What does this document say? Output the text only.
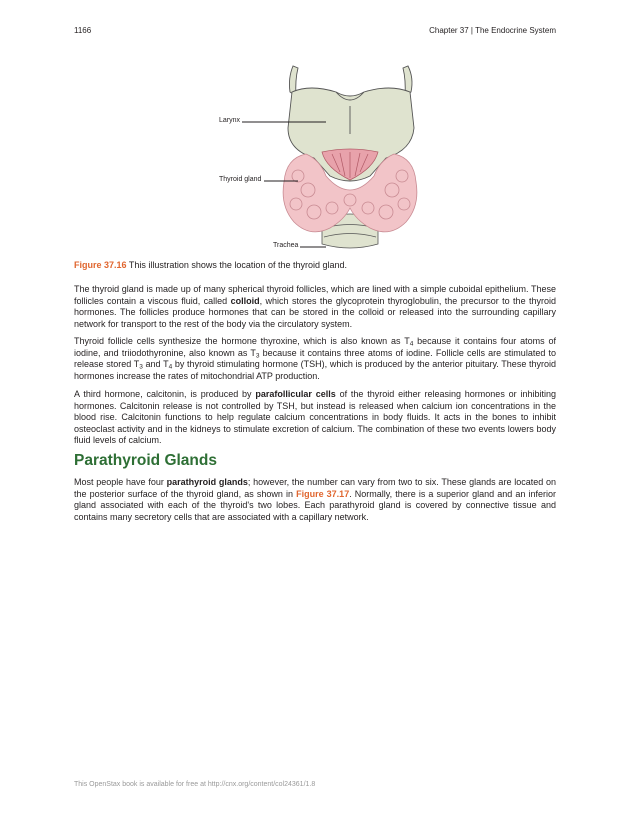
1166	Chapter 37 | The Endocrine System
Larynx
Thyroid gland
Trachea
Figure 37.16 This illustration shows the location of the thyroid gland.

The thyroid gland is made up of many spherical thyroid follicles, which are lined with a simple cuboidal epithelium. These follicles contain a viscous fluid, called colloid, which stores the glycoprotein thyroglobulin, the precursor to the thyroid hormones. The follicles produce hormones that can be stored in the colloid or released into the surrounding capillary network for transport to the rest of the body via the circulatory system.

Thyroid follicle cells synthesize the hormone thyroxine, which is also known as $T_4$ because it contains four atoms of iodine, and triiodothyronine, also known as $T_3$ because it contains three atoms of iodine. Follicle cells are stimulated to release stored $T_3$ and $T_4$ by thyroid stimulating hormone (TSH), which is produced by the anterior pituitary. These thyroid hormones increase the rates of mitochondrial ATP production.

A third hormone, calcitonin, is produced by parafollicular cells of the thyroid either releasing hormones or inhibiting hormones. Calcitonin release is not controlled by TSH, but instead is released when calcium ion concentrations in the blood rise. Calcitonin functions to help regulate calcium concentrations in body fluids. It acts in the bones to inhibit osteoclast activity and in the kidneys to stimulate excretion of calcium. The combination of these two events lowers body fluid levels of calcium.

Parathyroid Glands

Most people have four parathyroid glands; however, the number can vary from two to six. These glands are located on the posterior surface of the thyroid gland, as shown in Figure 37.17. Normally, there is a superior gland and an inferior gland associated with each of the thyroid's two lobes. Each parathyroid gland is covered by connective tissue and contains many secretory cells that are associated with a capillary network.

This OpenStax book is available for free at http://cnx.org/content/col24361/1.8
